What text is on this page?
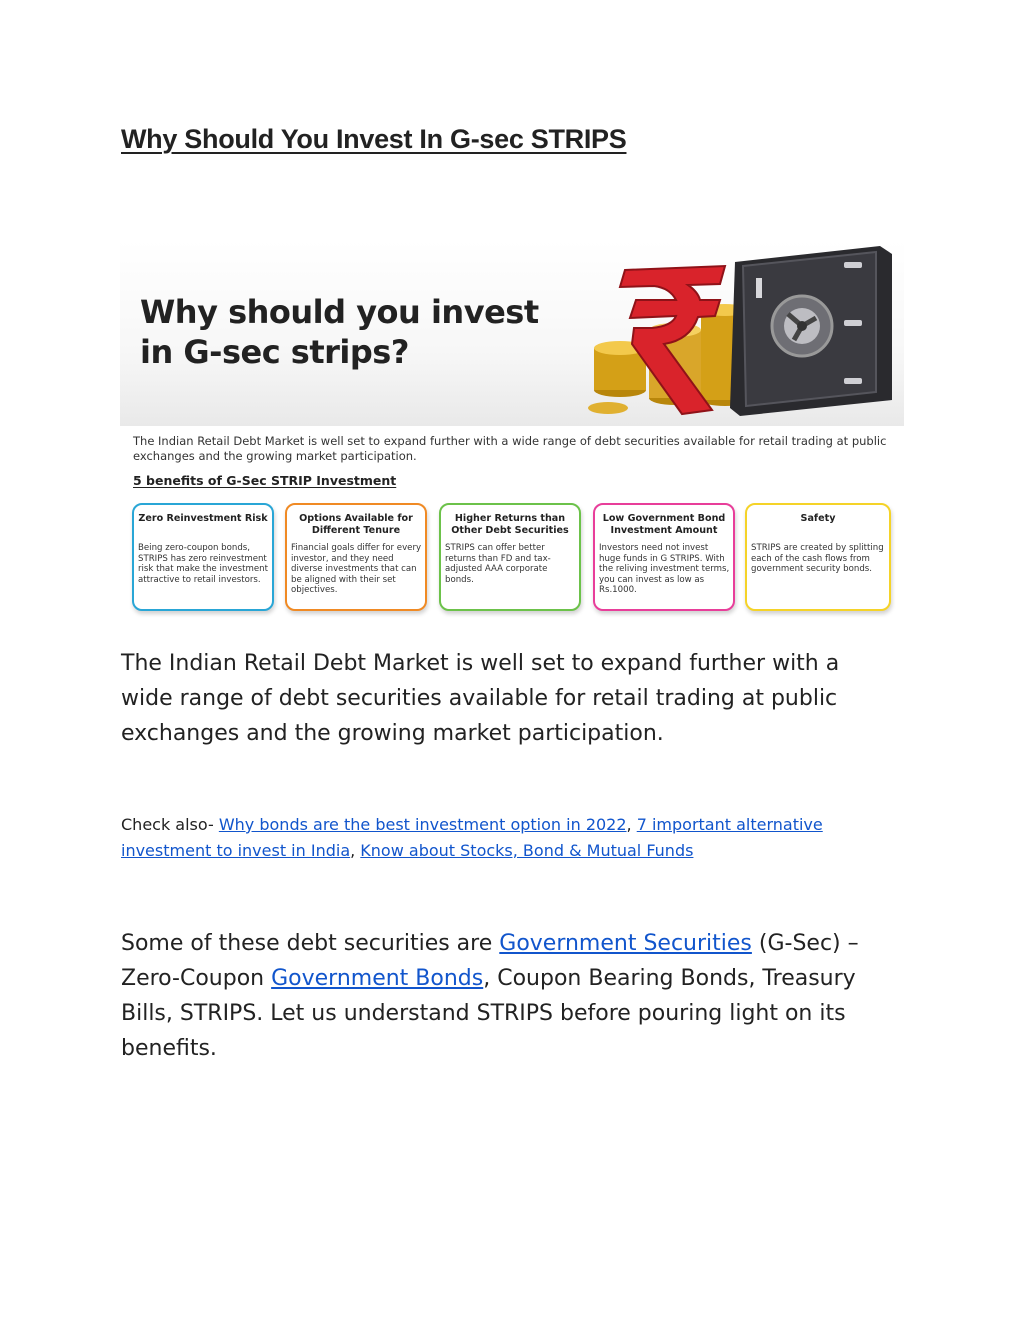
Why Should You Invest In G-sec STRIPS
Why should you invest
in G-sec strips?
The Indian Retail Debt Market is well set to expand further with a wide range of debt securities available for retail trading at public exchanges and the growing market participation.
5 benefits of G-Sec STRIP Investment
Zero Reinvestment Risk
Being zero-coupon bonds, STRIPS has zero reinvestment risk that make the investment attractive to retail investors.
Options Available for Different Tenure
Financial goals differ for every investor, and they need diverse investments that can be aligned with their set objectives.
Higher Returns than Other Debt Securities
STRIPS can offer better returns than FD and tax-adjusted AAA corporate bonds.
Low Government Bond Investment Amount
Investors need not invest huge funds in G STRIPS. With the reliving investment terms, you can invest as low as Rs.1000.
Safety
STRIPS are created by splitting each of the cash flows from government security bonds.

The Indian Retail Debt Market is well set to expand further with a wide range of debt securities available for retail trading at public exchanges and the growing market participation.

Check also- Why bonds are the best investment option in 2022, 7 important alternative investment to invest in India, Know about Stocks, Bond & Mutual Funds

Some of these debt securities are Government Securities (G-Sec) – Zero-Coupon Government Bonds, Coupon Bearing Bonds, Treasury Bills, STRIPS. Let us understand STRIPS before pouring light on its benefits.
